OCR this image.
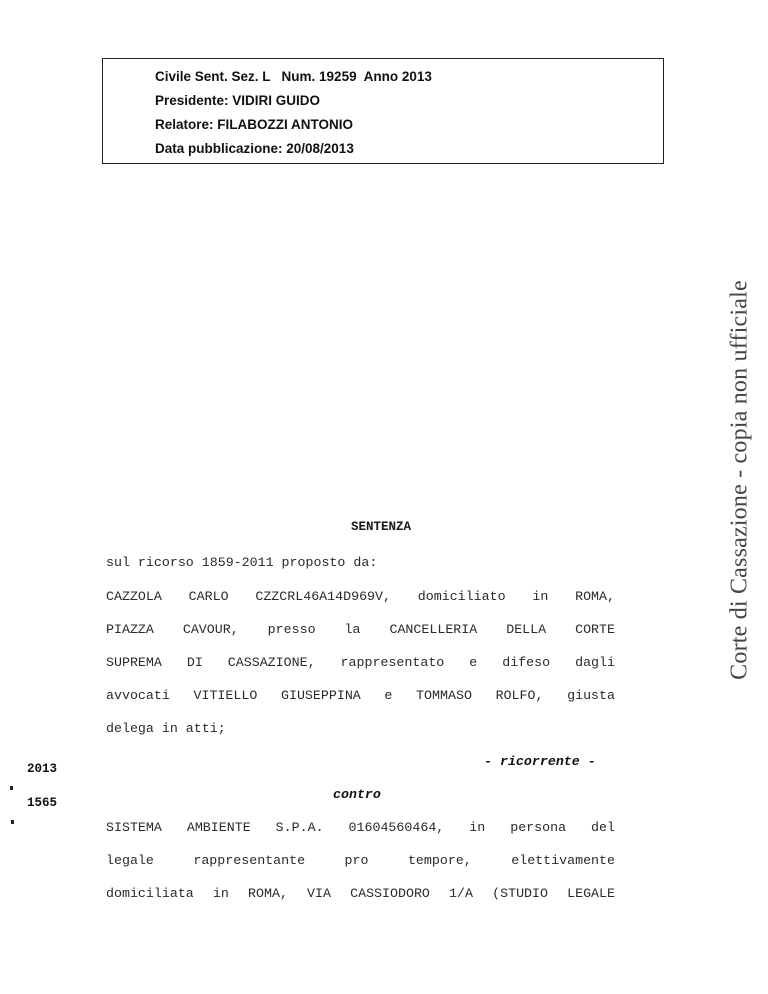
Civile Sent. Sez. L   Num. 19259  Anno 2013
Presidente: VIDIRI GUIDO
Relatore: FILABOZZI ANTONIO
Data pubblicazione: 20/08/2013
Corte di Cassazione - copia non ufficiale
SENTENZA
sul ricorso 1859-2011 proposto da:
CAZZOLA CARLO CZZCRL46A14D969V, domiciliato in ROMA,
PIAZZA CAVOUR, presso la CANCELLERIA DELLA CORTE
SUPREMA DI CASSAZIONE, rappresentato e difeso dagli
avvocati VITIELLO GIUSEPPINA e TOMMASO ROLFO, giusta
delega in atti;
- ricorrente -
contro
SISTEMA AMBIENTE S.P.A. 01604560464, in persona del
legale rappresentante pro tempore, elettivamente
domiciliata in ROMA, VIA CASSIODORO 1/A (STUDIO LEGALE
2013
1565
